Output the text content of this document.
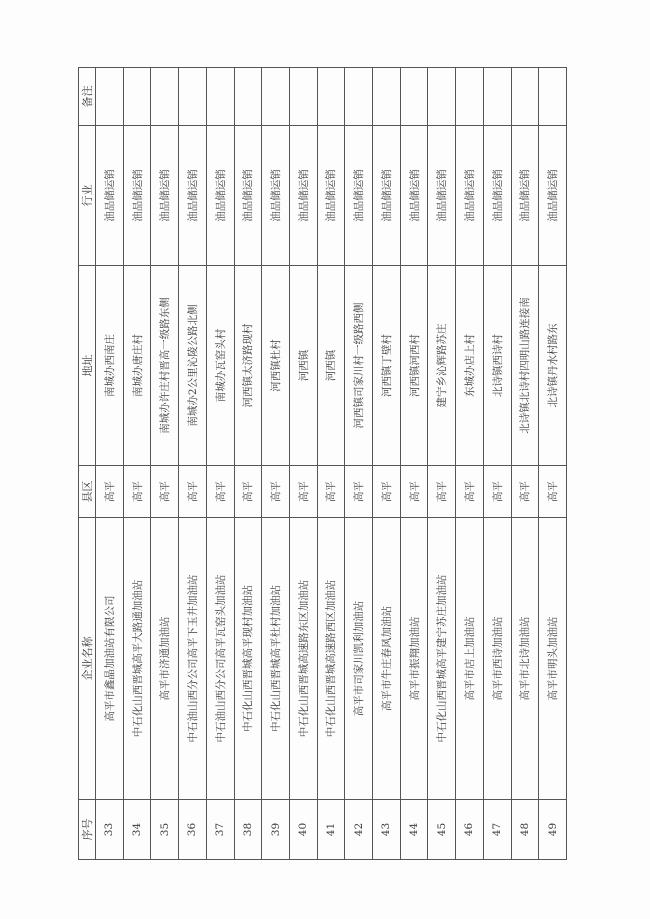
序号	企业名称	县区	地址	行业	备注
33	高平市鑫晶加油站有限公司	高平	南城办西南庄	油品储运销	
34	中石化山西晋城高平大路通加油站	高平	南城办唐庄村	油品储运销	
35	高平市济通加油站	高平	南城办许庄村晋高一级路东侧	油品储运销	
36	中石油山西分公司高平下玉井加油站	高平	南城办2公里沁陵公路北侧	油品储运销	
37	中石油山西分公司高平瓦窑头加油站	高平	南城办瓦窑头村	油品储运销	
38	中石化山西晋城高平现村加油站	高平	河西镇太济路现村	油品储运销	
39	中石化山西晋城高平杜村加油站	高平	河西镇杜村	油品储运销	
40	中石化山西晋城高速路东区加油站	高平	河西镇	油品储运销	
41	中石化山西晋城高速路西区加油站	高平	河西镇	油品储运销	
42	高平市司家川凯利加油站	高平	河西镇司家川村一级路西侧	油品储运销	
43	高平市牛庄春风加油站	高平	河西镇丁壁村	油品储运销	
44	高平市振翔加油站	高平	河西镇河西村	油品储运销	
45	中石化山西晋城高平建宁苏庄加油站	高平	建宁乡沁辉路苏庄	油品储运销	
46	高平市店上加油站	高平	东城办店上村	油品储运销	
47	高平市西诗加油站	高平	北诗镇西诗村	油品储运销	
48	高平市北诗加油站	高平	北诗镇北诗村四明山路连接南	油品储运销	
49	高平市明头加油站	高平	北诗镇丹水村路东	油品储运销	
